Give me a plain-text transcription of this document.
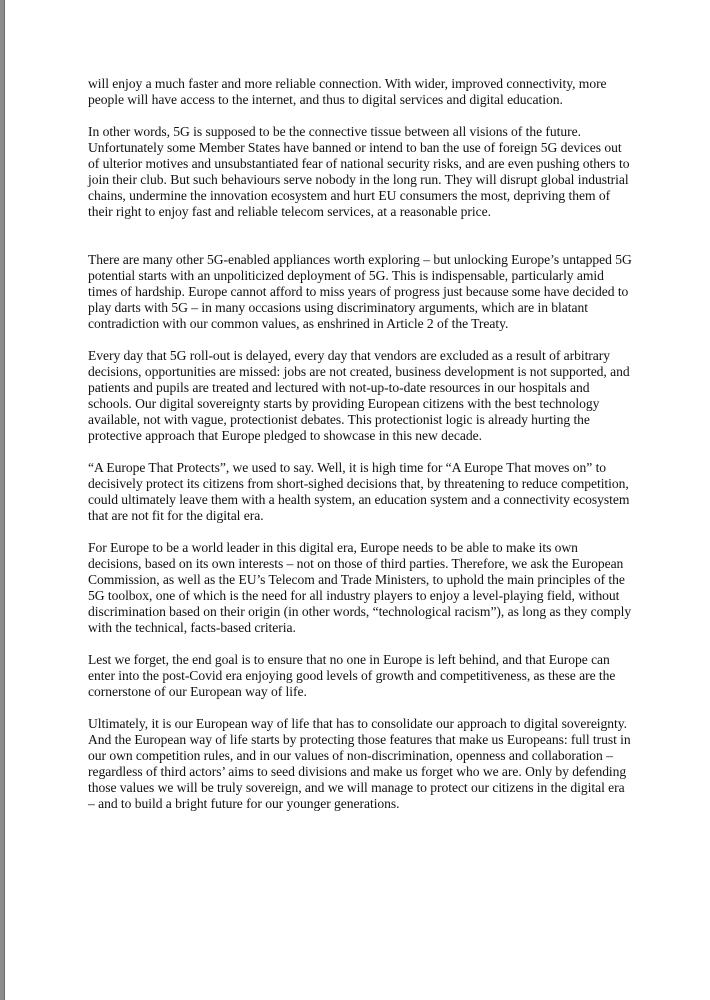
will enjoy a much faster and more reliable connection. With wider, improved connectivity, more people will have access to the internet, and thus to digital services and digital education.

In other words, 5G is supposed to be the connective tissue between all visions of the future. Unfortunately some Member States have banned or intend to ban the use of foreign 5G devices out of ulterior motives and unsubstantiated fear of national security risks, and are even pushing others to join their club. But such behaviours serve nobody in the long run. They will disrupt global industrial chains, undermine the innovation ecosystem and hurt EU consumers the most, depriving them of their right to enjoy fast and reliable telecom services, at a reasonable price.

There are many other 5G-enabled appliances worth exploring – but unlocking Europe’s untapped 5G potential starts with an unpoliticized deployment of 5G. This is indispensable, particularly amid times of hardship. Europe cannot afford to miss years of progress just because some have decided to play darts with 5G – in many occasions using discriminatory arguments, which are in blatant contradiction with our common values, as enshrined in Article 2 of the Treaty.

Every day that 5G roll-out is delayed, every day that vendors are excluded as a result of arbitrary decisions, opportunities are missed: jobs are not created, business development is not supported, and patients and pupils are treated and lectured with not-up-to-date resources in our hospitals and schools. Our digital sovereignty starts by providing European citizens with the best technology available, not with vague, protectionist debates. This protectionist logic is already hurting the protective approach that Europe pledged to showcase in this new decade.

“A Europe That Protects”, we used to say. Well, it is high time for “A Europe That moves on” to decisively protect its citizens from short-sighed decisions that, by threatening to reduce competition, could ultimately leave them with a health system, an education system and a connectivity ecosystem that are not fit for the digital era.

For Europe to be a world leader in this digital era, Europe needs to be able to make its own decisions, based on its own interests – not on those of third parties. Therefore, we ask the European Commission, as well as the EU’s Telecom and Trade Ministers, to uphold the main principles of the 5G toolbox, one of which is the need for all industry players to enjoy a level-playing field, without discrimination based on their origin (in other words, “technological racism”), as long as they comply with the technical, facts-based criteria.

Lest we forget, the end goal is to ensure that no one in Europe is left behind, and that Europe can enter into the post-Covid era enjoying good levels of growth and competitiveness, as these are the cornerstone of our European way of life.

Ultimately, it is our European way of life that has to consolidate our approach to digital sovereignty. And the European way of life starts by protecting those features that make us Europeans: full trust in our own competition rules, and in our values of non-discrimination, openness and collaboration – regardless of third actors’ aims to seed divisions and make us forget who we are. Only by defending those values we will be truly sovereign, and we will manage to protect our citizens in the digital era – and to build a bright future for our younger generations.
